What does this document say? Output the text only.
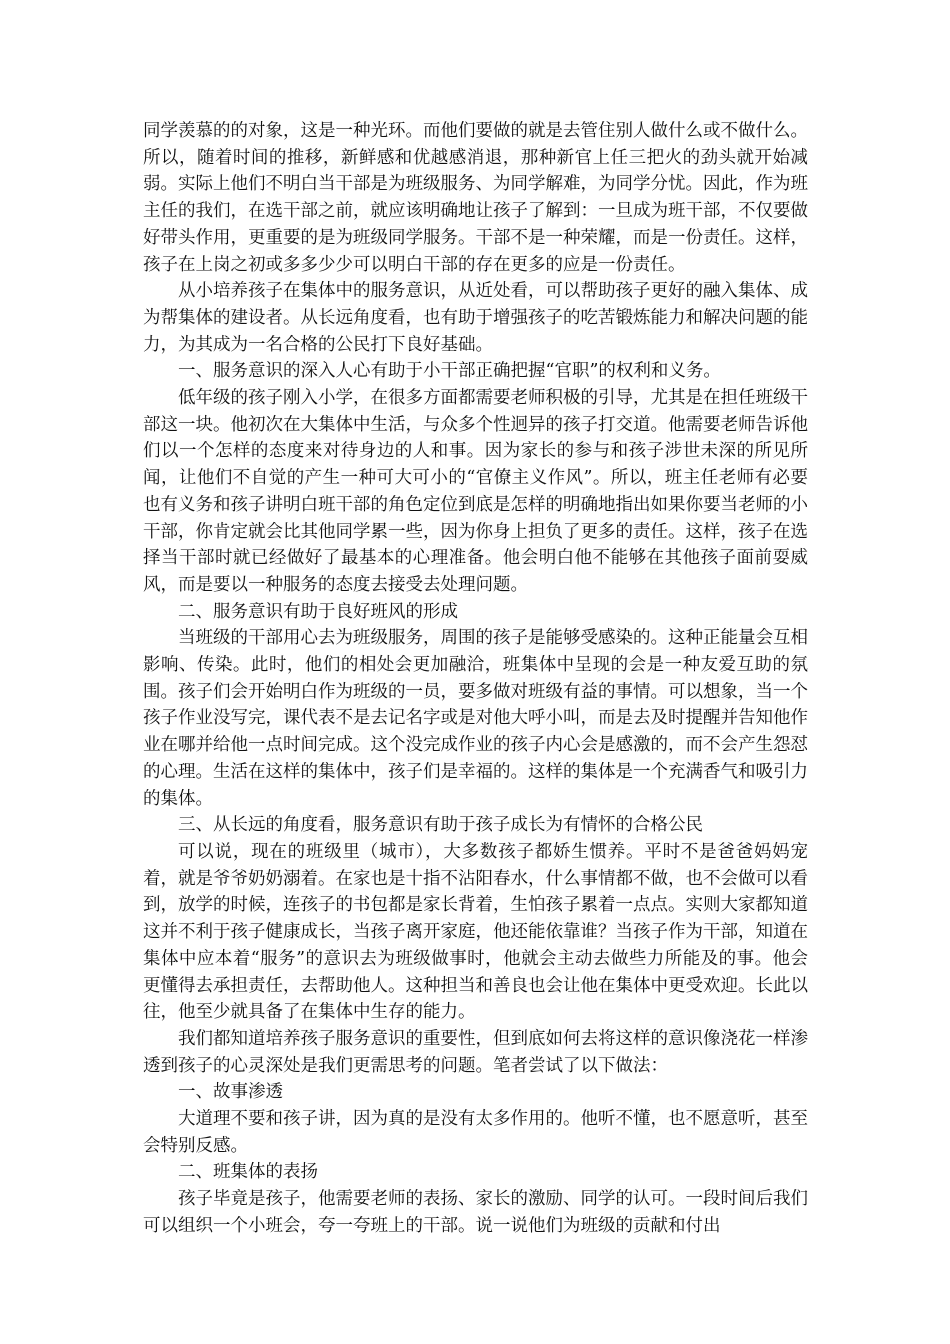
同学羡慕的的对象，这是一种光环。而他们要做的就是去管住别人做什么或不做什么。所以，随着时间的推移，新鲜感和优越感消退，那种新官上任三把火的劲头就开始减弱。实际上他们不明白当干部是为班级服务、为同学解难，为同学分忧。因此，作为班主任的我们，在选干部之前，就应该明确地让孩子了解到：一旦成为班干部，不仅要做好带头作用，更重要的是为班级同学服务。干部不是一种荣耀，而是一份责任。这样，孩子在上岗之初或多多少少可以明白干部的存在更多的应是一份责任。

从小培养孩子在集体中的服务意识，从近处看，可以帮助孩子更好的融入集体、成为帮集体的建设者。从长远角度看，也有助于增强孩子的吃苦锻炼能力和解决问题的能力，为其成为一名合格的公民打下良好基础。

一、服务意识的深入人心有助于小干部正确把握“官职”的权利和义务。

低年级的孩子刚入小学，在很多方面都需要老师积极的引导，尤其是在担任班级干部这一块。他初次在大集体中生活，与众多个性迥异的孩子打交道。他需要老师告诉他们以一个怎样的态度来对待身边的人和事。因为家长的参与和孩子涉世未深的所见所闻，让他们不自觉的产生一种可大可小的“官僚主义作风”。所以，班主任老师有必要也有义务和孩子讲明白班干部的角色定位到底是怎样的明确地指出如果你要当老师的小干部，你肯定就会比其他同学累一些，因为你身上担负了更多的责任。这样，孩子在选择当干部时就已经做好了最基本的心理准备。他会明白他不能够在其他孩子面前耍威风，而是要以一种服务的态度去接受去处理问题。

二、服务意识有助于良好班风的形成

当班级的干部用心去为班级服务，周围的孩子是能够受感染的。这种正能量会互相影响、传染。此时，他们的相处会更加融洽，班集体中呈现的会是一种友爱互助的氛围。孩子们会开始明白作为班级的一员，要多做对班级有益的事情。可以想象，当一个孩子作业没写完，课代表不是去记名字或是对他大呼小叫，而是去及时提醒并告知他作业在哪并给他一点时间完成。这个没完成作业的孩子内心会是感激的，而不会产生怨怼的心理。生活在这样的集体中，孩子们是幸福的。这样的集体是一个充满香气和吸引力的集体。

三、从长远的角度看，服务意识有助于孩子成长为有情怀的合格公民

可以说，现在的班级里（城市），大多数孩子都娇生惯养。平时不是爸爸妈妈宠着，就是爷爷奶奶溺着。在家也是十指不沾阳春水，什么事情都不做，也不会做可以看到，放学的时候，连孩子的书包都是家长背着，生怕孩子累着一点点。实则大家都知道这并不利于孩子健康成长，当孩子离开家庭，他还能依靠谁？当孩子作为干部，知道在集体中应本着“服务”的意识去为班级做事时，他就会主动去做些力所能及的事。他会更懂得去承担责任，去帮助他人。这种担当和善良也会让他在集体中更受欢迎。长此以往，他至少就具备了在集体中生存的能力。

我们都知道培养孩子服务意识的重要性，但到底如何去将这样的意识像浇花一样渗透到孩子的心灵深处是我们更需思考的问题。笔者尝试了以下做法：

一、故事渗透

大道理不要和孩子讲，因为真的是没有太多作用的。他听不懂，也不愿意听，甚至会特别反感。

二、班集体的表扬

孩子毕竟是孩子，他需要老师的表扬、家长的激励、同学的认可。一段时间后我们可以组织一个小班会，夸一夸班上的干部。说一说他们为班级的贡献和付出
